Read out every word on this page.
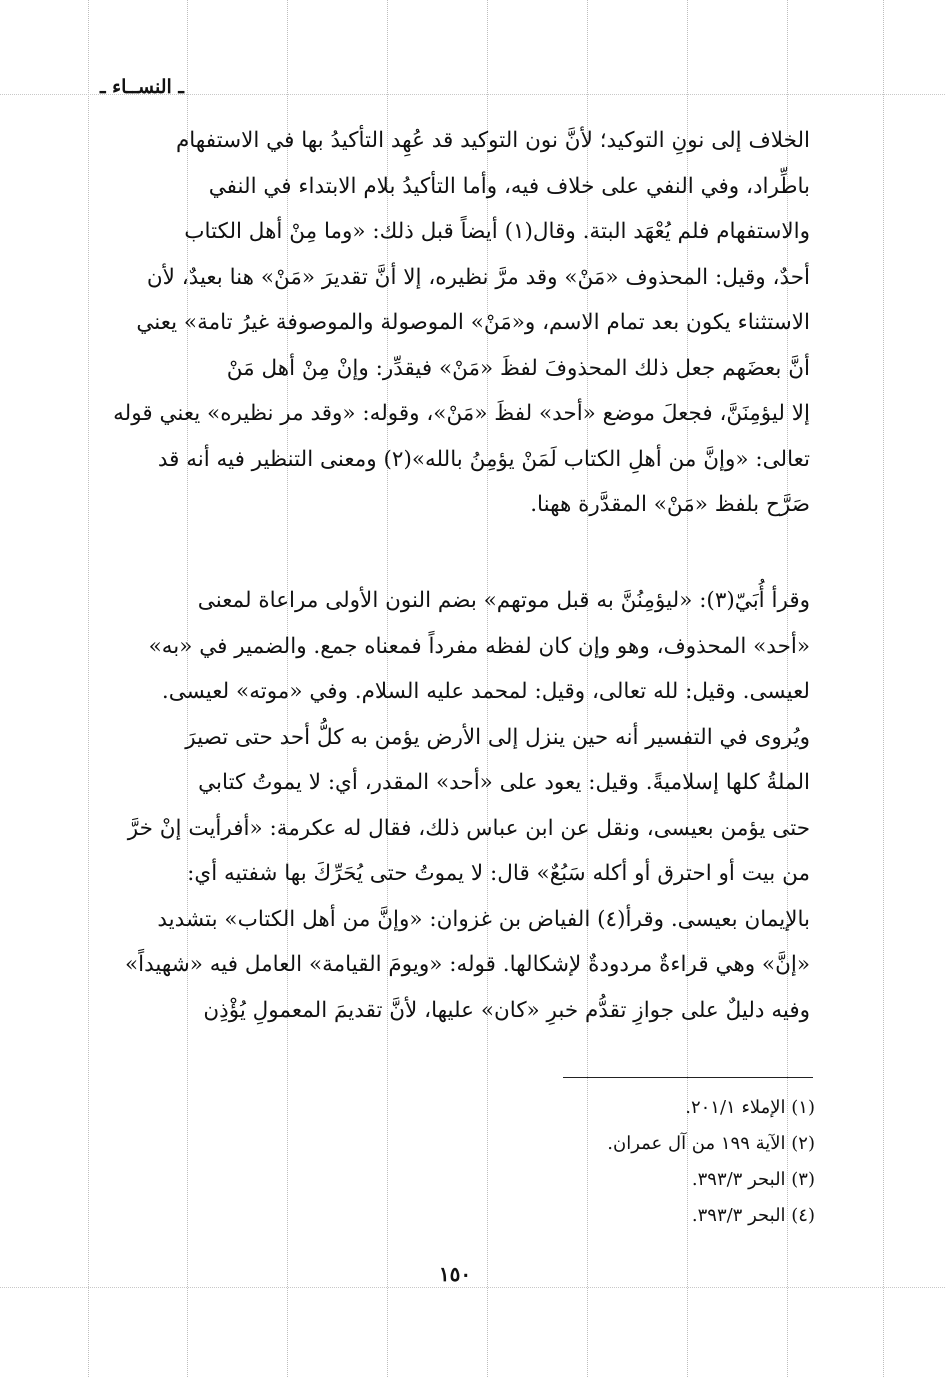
ـ النســاء ـ

الخلاف إلى نونِ التوكيد؛ لأنَّ نون التوكيد قد عُهِد التأكيدُ بها في الاستفهام
باطِّراد، وفي النفي على خلاف فيه، وأما التأكيدُ بلام الابتداء في النفي
والاستفهام فلم يُعْهَد البتة. وقال(١) أيضاً قبل ذلك: «وما مِنْ أهل الكتاب
أحدٌ، وقيل: المحذوف «مَنْ» وقد مرَّ نظيره، إلا أنَّ تقديرَ «مَنْ» هنا بعيدٌ، لأن
الاستثناء يكون بعد تمام الاسم، و«مَنْ» الموصولة والموصوفة غيرُ تامة» يعني
أنَّ بعضَهم جعل ذلك المحذوفَ لفظَ «مَنْ» فيقدِّر: وإنْ مِنْ أهل مَنْ
إلا ليؤمِنَنَّ، فجعلَ موضع «أحد» لفظَ «مَنْ»، وقوله: «وقد مر نظيره» يعني قوله
تعالى: «وإنَّ من أهلِ الكتاب لَمَنْ يؤمِنُ بالله»(٢) ومعنى التنظير فيه أنه قد
صَرَّح بلفظ «مَنْ» المقدَّرة ههنا.

وقرأ أُبَيّ(٣): «ليؤمِنُنَّ به قبل موتهم» بضم النون الأولى مراعاة لمعنى
«أحد» المحذوف، وهو وإن كان لفظه مفرداً فمعناه جمع. والضمير في «به»
لعيسى. وقيل: لله تعالى، وقيل: لمحمد عليه السلام. وفي «موته» لعيسى.
ويُروى في التفسير أنه حين ينزل إلى الأرض يؤمن به كلُّ أحد حتى تصيرَ
الملةُ كلها إسلاميةً. وقيل: يعود على «أحد» المقدر، أي: لا يموتُ كتابي
حتى يؤمن بعيسى، ونقل عن ابن عباس ذلك، فقال له عكرمة: «أفرأيت إنْ خرَّ
من بيت أو احترق أو أكله سَبُعٌ» قال: لا يموتُ حتى يُحَرِّكَ بها شفتيه أي:
بالإيمان بعيسى. وقرأ(٤) الفياض بن غزوان: «وإنَّ من أهل الكتاب» بتشديد
«إنَّ» وهي قراءةٌ مردودةٌ لإشكالها. قوله: «ويومَ القيامة» العامل فيه «شهيداً»
وفيه دليلٌ على جوازِ تقدُّم خبرِ «كان» عليها، لأنَّ تقديمَ المعمولِ يُؤْذِن

(١) الإملاء ٢٠١/١.
(٢) الآية ١٩٩ من آل عمران.
(٣) البحر ٣٩٣/٣.
(٤) البحر ٣٩٣/٣.
١٥٠
